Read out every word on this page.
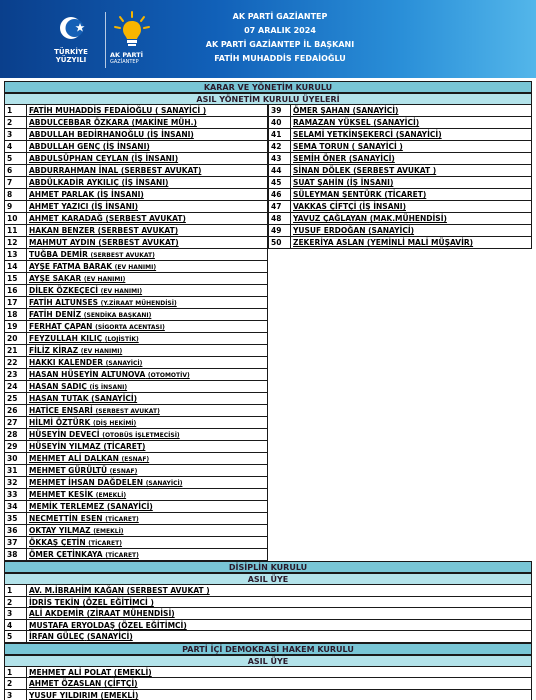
TÜRKİYE
YÜZYILI
AK PARTİ
GAZİANTEP
AK PARTİ GAZİANTEP
07 ARALIK 2024
AK PARTİ GAZİANTEP İL BAŞKANI
FATİH MUHADDİS FEDAİOĞLU
KARAR VE YÖNETİM KURULU
ASIL YÖNETİM KURULU ÜYELERİ
1	FATİH MUHADDİS FEDAİOĞLU ( SANAYİCİ )
2	ABDULCEBBAR ÖZKARA (MAKİNE MÜH.)
3	ABDULLAH BEDİRHANOĞLU (İŞ İNSANI)
4	ABDULLAH GENÇ (İŞ İNSANI)
5	ABDULSÜPHAN CEYLAN (İŞ İNSANI)
6	ABDURRAHMAN İNAL (SERBEST AVUKAT)
7	ABDÜLKADİR AYKILIÇ (İŞ İNSANI)
8	AHMET PARLAK (İŞ İNSANI)
9	AHMET YAZICI (İŞ İNSANI)
10	AHMET KARADAĞ (SERBEST AVUKAT)
11	HAKAN BENZER (SERBEST AVUKAT)
12	MAHMUT AYDIN (SERBEST AVUKAT)
13	TUĞBA DEMİR (SERBEST AVUKAT)
14	AYŞE FATMA BARAK (EV HANIMI)
15	AYŞE SAKAR (EV HANIMI)
16	DİLEK ÖZKEÇECİ (EV HANIMI)
17	FATİH ALTUNSES (Y.ZİRAAT MÜHENDİSİ)
18	FATİH DENİZ (SENDİKA BAŞKANI)
19	FERHAT ÇAPAN (SİGORTA ACENTASI)
20	FEYZULLAH KILIÇ (LOJİSTİK)
21	FİLİZ KİRAZ (EV HANIMI)
22	HAKKI KALENDER (SANAYİCİ)
23	HASAN HÜSEYİN ALTUNOVA (OTOMOTİV)
24	HASAN SADIÇ (İŞ İNSANI)
25	HASAN TUTAK (SANAYİCİ)
26	HATİCE ENSARİ (SERBEST AVUKAT)
27	HİLMİ ÖZTÜRK (DİŞ HEKİMİ)
28	HÜSEYİN DEVECİ (OTOBÜS İŞLETMECİSİ)
29	HÜSEYİN YILMAZ (TİCARET)
30	MEHMET ALİ DALKAN (ESNAF)
31	MEHMET GÜRÜLTÜ (ESNAF)
32	MEHMET İHSAN DAĞDELEN (SANAYİCİ)
33	MEHMET KESİK (EMEKLİ)
34	MEMİK TERLEMEZ (SANAYİCİ)
35	NECMETTİN ESEN (TİCARET)
36	OKTAY YILMAZ (EMEKLİ)
37	ÖKKAŞ ÇETİN (TİCARET)
38	ÖMER ÇETİNKAYA (TİCARET)
39	ÖMER ŞAHAN (SANAYİCİ)
40	RAMAZAN YÜKSEL (SANAYİCİ)
41	SELAMİ YETKİNŞEKERCİ (SANAYİCİ)
42	SEMA TORUN ( SANAYİCİ )
43	SEMİH ÖNER (SANAYİCİ)
44	SİNAN DÖLEK (SERBEST AVUKAT )
45	SUAT ŞAHİN (İŞ İNSANI)
46	SÜLEYMAN ŞENTÜRK (TİCARET)
47	VAKKAS ÇİFTÇİ (İŞ İNSANI)
48	YAVUZ ÇAĞLAYAN (MAK.MÜHENDİSİ)
49	YUSUF ERDOĞAN (SANAYİCİ)
50	ZEKERİYA ASLAN (YEMİNLİ MALİ MÜŞAVİR)
DİSİPLİN KURULU
ASIL ÜYE
1	AV. M.İBRAHİM KAĞAN (SERBEST AVUKAT )
2	İDRİS TEKİN (ÖZEL EĞİTİMCİ )
3	ALİ AKDEMİR (ZİRAAT MÜHENDİSİ)
4	MUSTAFA ERYOLDAŞ (ÖZEL EĞİTİMCİ)
5	İRFAN GÜLEÇ (SANAYİCİ)
PARTİ İÇİ DEMOKRASİ HAKEM KURULU
ASIL ÜYE
1	MEHMET ALİ POLAT (EMEKLİ)
2	AHMET ÖZASLAN (ÇİFTÇİ)
3	YUSUF YILDIRIM (EMEKLİ)
